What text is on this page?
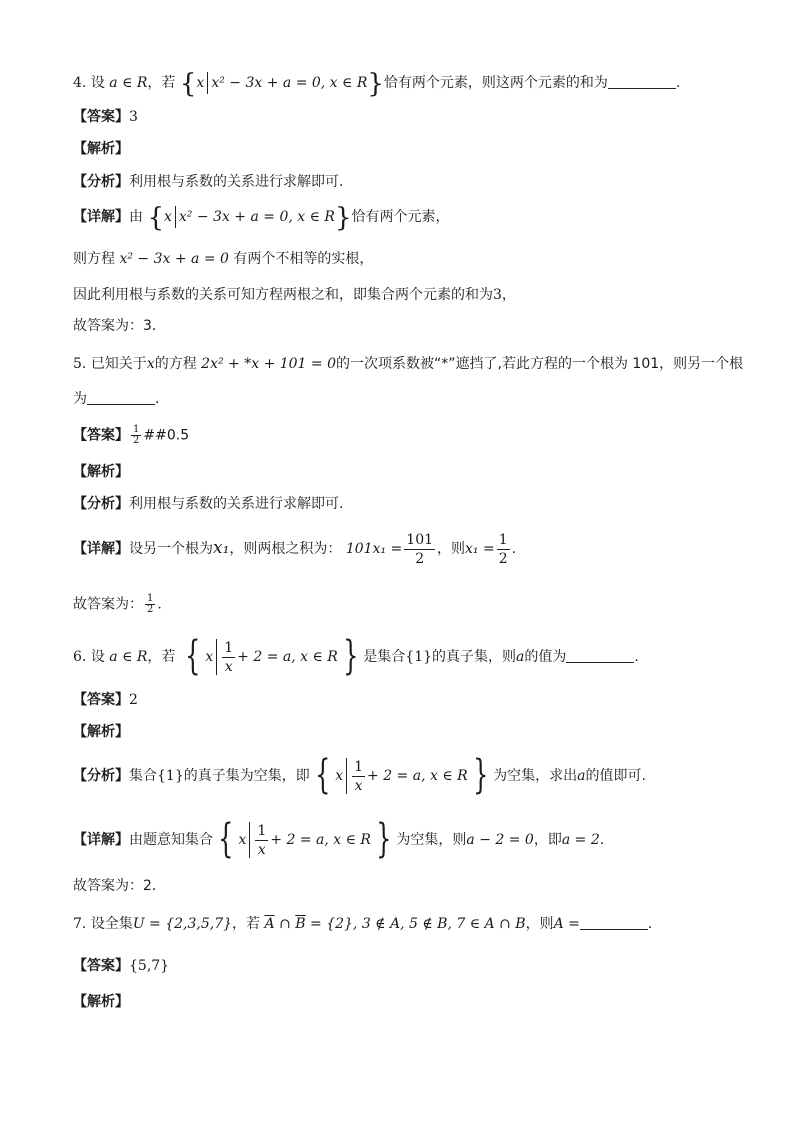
4. 设 a ∈ R，若 {x x² − 3x + a = 0, x ∈ R}恰有两个元素，则这两个元素的和为	.
【答案】3
【解析】
【分析】利用根与系数的关系进行求解即可.
【详解】由 {x x² − 3x + a = 0, x ∈ R}恰有两个元素，
则方程 x² − 3x + a = 0 有两个不相等的实根，
因此利用根与系数的关系可知方程两根之和，即集合两个元素的和为3，
故答案为：3．
5. 已知关于x的方程 2x² + *x + 101 = 0的一次项系数被“*”遮挡了,若此方程的一个根为 101，则另一个根
为	.
【答案】 $\frac{1}{2}$ ##0.5
【解析】
【分析】利用根与系数的关系进行求解即可.
【详解】设另一个根为x₁，则两根之积为： $101x_1 = \frac{101}{2}$ ，则$x_1 = \frac{1}{2}$ .
故答案为： $\frac{1}{2}$ .
6. 设 a ∈ R，若 { x $\frac{1}{x} + 2 = a$, x ∈ R } 是集合{1}的真子集，则a的值为	.
【答案】2
【解析】
【分析】集合{1}的真子集为空集，即 { x $\frac{1}{x} + 2 = a$, x ∈ R } 为空集，求出a的值即可.
【详解】由题意知集合 { x $\frac{1}{x} + 2 = a$, x ∈ R } 为空集，则a − 2 = 0，即a = 2.
故答案为：2．
7. 设全集U = {2,3,5,7}，若 $\overline{A}$ ∩ $\overline{B} = \{2\}$, 3 ∉ A, 5 ∉ B, 7 ∈ A ∩ B，则A =	.
【答案】{5,7}
【解析】
